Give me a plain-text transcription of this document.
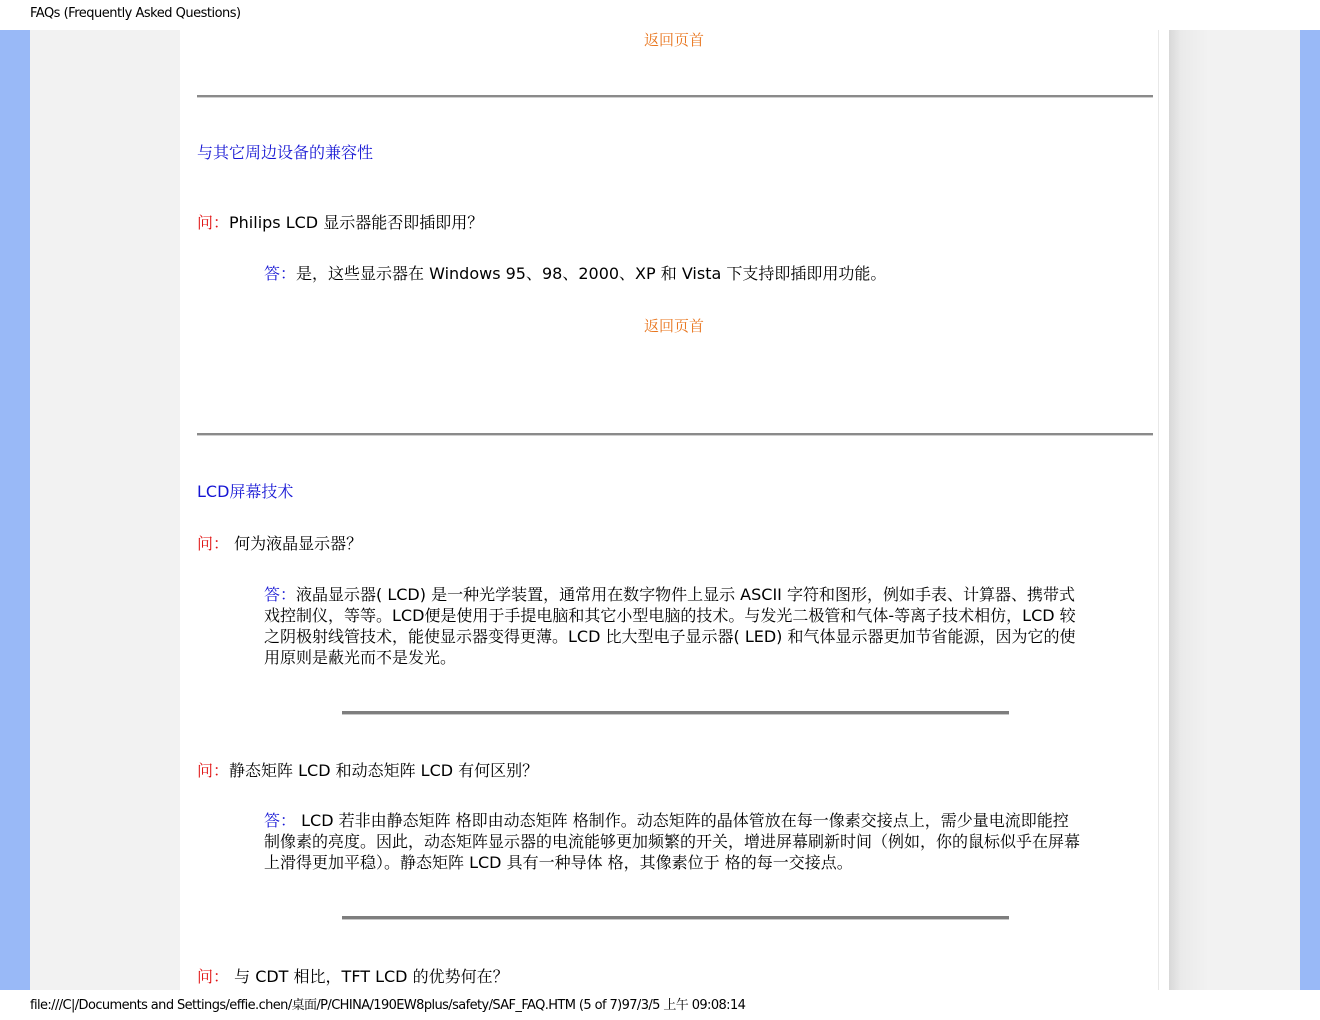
FAQs (Frequently Asked Questions)
返回页首
与其它周边设备的兼容性
问：Philips LCD 显示器能否即插即用？
答：是，这些显示器在 Windows 95、98、2000、XP 和 Vista 下支持即插即用功能。
返回页首
LCD屏幕技术
问： 何为液晶显示器？
答：液晶显示器( LCD) 是一种光学装置，通常用在数字物件上显示 ASCII 字符和图形，例如手表、计算器、携带式 戏控制仪，等等。LCD便是使用于手提电脑和其它小型电脑的技术。与发光二极管和气体-等离子技术相仿，LCD 较之阴极射线管技术，能使显示器变得更薄。LCD 比大型电子显示器( LED) 和气体显示器更加节省能源，因为它的使用原则是蔽光而不是发光。
问：静态矩阵 LCD 和动态矩阵 LCD 有何区别？
答： LCD 若非由静态矩阵 格即由动态矩阵 格制作。动态矩阵的晶体管放在每一像素交接点上，需少量电流即能控制像素的亮度。因此，动态矩阵显示器的电流能够更加频繁的开关，增进屏幕刷新时间（例如，你的鼠标似乎在屏幕上滑得更加平稳）。静态矩阵 LCD 具有一种导体 格，其像素位于 格的每一交接点。
问： 与 CDT 相比，TFT LCD 的优势何在？
file:///C|/Documents and Settings/effie.chen/桌面/P/CHINA/190EW8plus/safety/SAF_FAQ.HTM (5 of 7)97/3/5 上午 09:08:14
